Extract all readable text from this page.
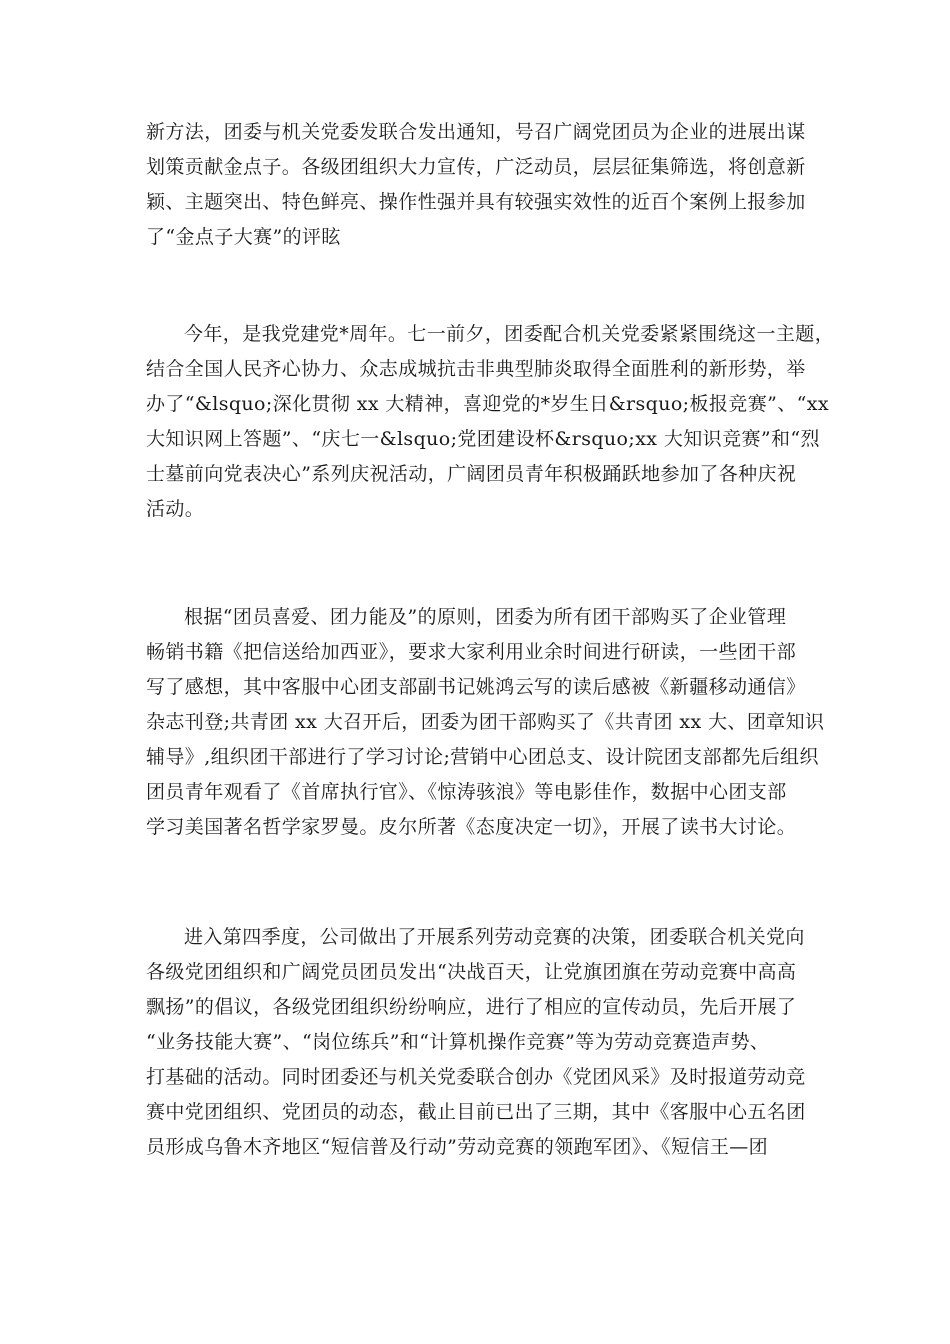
新方法，团委与机关党委发联合发出通知，号召广阔党团员为企业的进展出谋
划策贡献金点子。各级团组织大力宣传，广泛动员，层层征集筛选，将创意新
颖、主题突出、特色鲜亮、操作性强并具有较强实效性的近百个案例上报参加
了“金点子大赛”的评眩

今年，是我党建党*周年。七一前夕，团委配合机关党委紧紧围绕这一主题，
结合全国人民齐心协力、众志成城抗击非典型肺炎取得全面胜利的新形势，举
办了“&lsquo;深化贯彻 xx 大精神，喜迎党的*岁生日&rsquo;板报竞赛”、“xx
大知识网上答题”、“庆七一&lsquo;党团建设杯&rsquo;xx 大知识竞赛”和“烈
士墓前向党表决心”系列庆祝活动，广阔团员青年积极踊跃地参加了各种庆祝
活动。

根据“团员喜爱、团力能及”的原则，团委为所有团干部购买了企业管理
畅销书籍《把信送给加西亚》，要求大家利用业余时间进行研读，一些团干部
写了感想，其中客服中心团支部副书记姚鸿云写的读后感被《新疆移动通信》
杂志刊登;共青团 xx 大召开后，团委为团干部购买了《共青团 xx 大、团章知识
辅导》,组织团干部进行了学习讨论;营销中心团总支、设计院团支部都先后组织
团员青年观看了《首席执行官》、《惊涛骇浪》等电影佳作，数据中心团支部
学习美国著名哲学家罗曼。皮尔所著《态度决定一切》，开展了读书大讨论。

进入第四季度，公司做出了开展系列劳动竞赛的决策，团委联合机关党向
各级党团组织和广阔党员团员发出“决战百天，让党旗团旗在劳动竞赛中高高
飘扬”的倡议，各级党团组织纷纷响应，进行了相应的宣传动员，先后开展了
“业务技能大赛”、“岗位练兵”和“计算机操作竞赛”等为劳动竞赛造声势、
打基础的活动。同时团委还与机关党委联合创办《党团风采》及时报道劳动竞
赛中党团组织、党团员的动态，截止目前已出了三期，其中《客服中心五名团
员形成乌鲁木齐地区“短信普及行动”劳动竞赛的领跑军团》、《短信王—团
